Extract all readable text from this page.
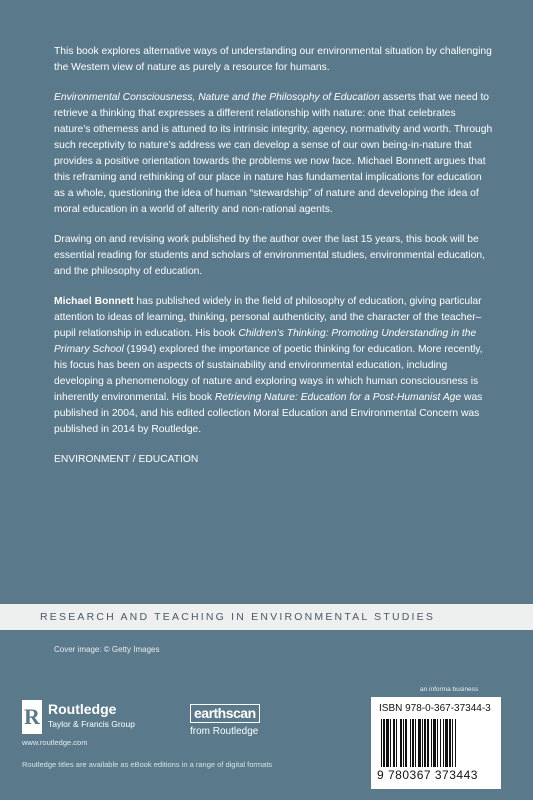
This book explores alternative ways of understanding our environmental situation by challenging the Western view of nature as purely a resource for humans.

Environmental Consciousness, Nature and the Philosophy of Education asserts that we need to retrieve a thinking that expresses a different relationship with nature: one that celebrates nature’s otherness and is attuned to its intrinsic integrity, agency, normativity and worth. Through such receptivity to nature’s address we can develop a sense of our own being-in-nature that provides a positive orientation towards the problems we now face. Michael Bonnett argues that this reframing and rethinking of our place in nature has fundamental implications for education as a whole, questioning the idea of human “stewardship” of nature and developing the idea of moral education in a world of alterity and non-rational agents.

Drawing on and revising work published by the author over the last 15 years, this book will be essential reading for students and scholars of environmental studies, environmental education, and the philosophy of education.

Michael Bonnett has published widely in the field of philosophy of education, giving particular attention to ideas of learning, thinking, personal authenticity, and the character of the teacher–pupil relationship in education. His book Children’s Thinking: Promoting Understanding in the Primary School (1994) explored the importance of poetic thinking for education. More recently, his focus has been on aspects of sustainability and environmental education, including developing a phenomenology of nature and exploring ways in which human consciousness is inherently environmental. His book Retrieving Nature: Education for a Post-Humanist Age was published in 2004, and his edited collection Moral Education and Environmental Concern was published in 2014 by Routledge.

ENVIRONMENT / EDUCATION

RESEARCH AND TEACHING IN ENVIRONMENTAL STUDIES
Cover image: © Getty Images
R Routledge
Taylor & Francis Group
www.routledge.com
earthscan
from Routledge
an informa business
ISBN 978-0-367-37344-3
9 780367 373443
Routledge titles are available as eBook editions in a range of digital formats
